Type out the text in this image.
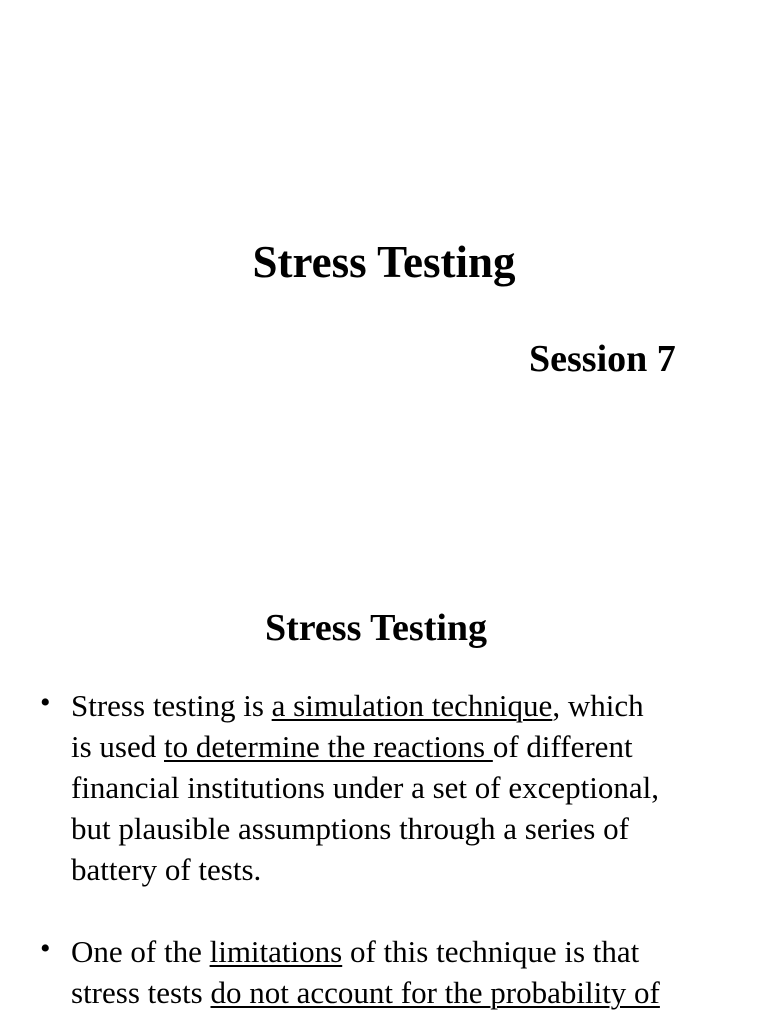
Stress Testing
Session 7
Stress Testing
• Stress testing is a simulation technique, which
is used to determine the reactions of different
financial institutions under a set of exceptional,
but plausible assumptions through a series of
battery of tests.
• One of the limitations of this technique is that
stress tests do not account for the probability of
